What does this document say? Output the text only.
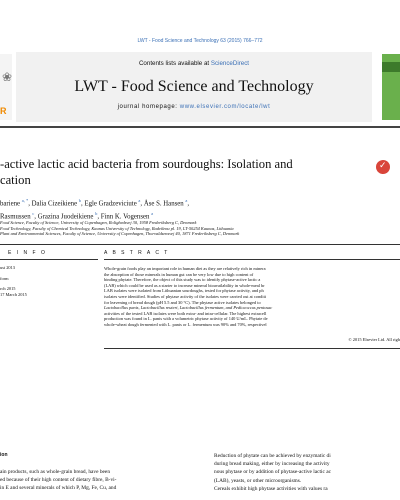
LWT - Food Science and Technology 63 (2015) 766–772
❀
R
Contents lists available at ScienceDirect
LWT - Food Science and Technology
journal homepage: www.elsevier.com/locate/lwt
-active lactic acid bacteria from sourdoughs: Isolation and
cation
✓
bariene $^{a, *}$, Dalia Cizeikiene $^b$, Egle Gradzeviciute $^a$, Åse S. Hansen $^a$,
Rasmussen $^c$, Grazina Juodeikiene $^b$, Finn K. Vogensen $^a$
Food Science, Faculty of Science, University of Copenhagen, Rolighedsvej 30, 1958 Frederiksberg C, Denmark
Food Technology, Faculty of Chemical Technology, Kaunas University of Technology, Radvilenu pl. 19, LT-50254 Kaunas, Lithuania
Plant and Environmental Sciences, Faculty of Science, University of Copenhagen, Thorvaldsensvej 40, 1871 Frederiksberg C, Denmark
E I N F O	A B S T R A C T
ust 2013
form
rch 2015
17 March 2015
Whole-grain foods play an important role in human diet as they are relatively rich in minera
the absorption of those minerals in human gut can be very low due to high content of
binding phytate. Therefore, the object of this study was to identify phytase-active lactic a
(LAB) which could be used as a starter to increase mineral bioavailability in whole-meal br
LAB isolates were isolated from Lithuanian sourdoughs, tested for phytase activity, and ph
isolates were identified. Studies of phytase activity of the isolates were carried out at conditi
for leavening of bread dough (pH 5.5 and 30 °C). The phytase active isolates belonged to
Lactobacillus panis, Lactobacillus reuteri, Lactobacillus fermentum, and Pediococcus pentosac
activities of the tested LAB isolates were both extra- and intra-cellular. The highest extracell
production was found in L. panis with a volumetric phytase activity of 140 U/mL. Phytate de
whole-wheat dough fermented with L. panis or L. fermentum was 90% and 70%, respectivel
© 2015 Elsevier Ltd. All righ
ion
ain products, such as whole-grain bread, have been
ed because of their high content of dietary fibre, B-vi-
in E and several minerals of which P, Mg, Fe, Cu, and
Reduction of phytate can be achieved by enzymatic di
during bread making, either by increasing the activity
nous phytase or by addition of phytase-active lactic ac
(LAB), yeasts, or other microorganisms.
Cereals exhibit high phytase activities with values ra
